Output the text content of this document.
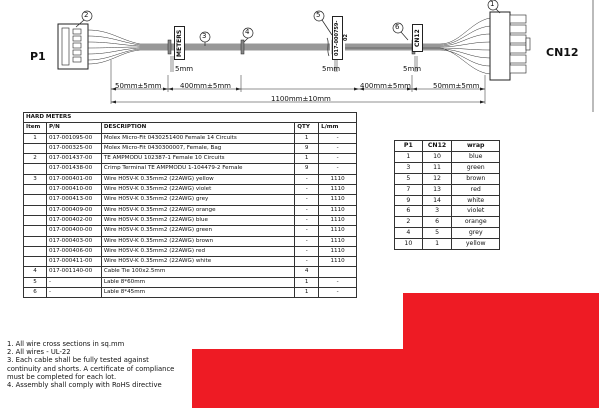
2
3	4
5
6
1
P1	CN12
METERS	017-000759-02	CN12
5mm	5mm	5mm
50mm±5mm	400mm±5mm	400mm±5mm	50mm±5mm
1100mm±10mm
HARD METERS				
Item	P/N	DESCRIPTION	QTY	L/mm
1	017-001095-00	Molex Micro-Fit 0430251400 Female 14 Circuits	1	-
	017-000325-00	Molex Micro-Fit 0430300007, Female, Bag	9	-
2	017-001437-00	TE AMPMODU 102387-1 Female 10 Circuits	1	-
	017-001438-00	Crimp Terminal TE AMPMODU 1-104479-2 Female	9	-
3	017-000401-00	Wire H05V-K 0.35mm2 (22AWG) yellow	-	1110
	017-000410-00	Wire H05V-K 0.35mm2 (22AWG) violet	-	1110
	017-000413-00	Wire H05V-K 0.35mm2 (22AWG) grey	-	1110
	017-000409-00	Wire H05V-K 0.35mm2 (22AWG) orange	-	1110
	017-000402-00	Wire H05V-K 0.35mm2 (22AWG) blue	-	1110
	017-000400-00	Wire H05V-K 0.35mm2 (22AWG) green	-	1110
	017-000403-00	Wire H05V-K 0.35mm2 (22AWG) brown	-	1110
	017-000406-00	Wire H05V-K 0.35mm2 (22AWG) red	-	1110
	017-000411-00	Wire H05V-K 0.35mm2 (22AWG) white	-	1110
4	017-001140-00	Cable Tie 100x2.5mm	4	
5	-	Lable 8*60mm	1	-
6	-	Lable 8*45mm	1	-
P1	CN12	wrap
1	10	blue
3	11	green
5	12	brown
7	13	red
9	14	white
6	3	violet
2	6	orange
4	5	grey
10	1	yellow
1. All wire cross sections in sq.mm
2. All wires - UL-22
3. Each cable shall be fully tested against
continuity and shorts. A certificate of compliance
must be completed for each lot.
4. Assembly shall comply with RoHS directive
